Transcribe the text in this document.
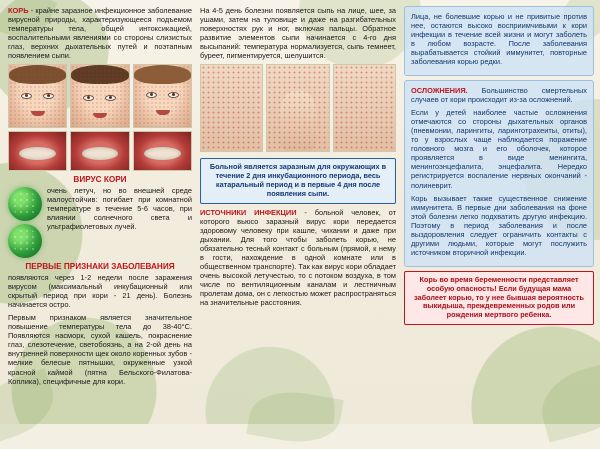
КОРЬ - крайне заразное инфекционное заболевание вирусной природы, характеризующееся подъемом температуры тела, общей интоксикацией, воспалительными явлениями со стороны слизистых глаз, верхних дыхательных путей и поэтапным появлением сыпи.

ВИРУС КОРИ

очень летуч, но во внешней среде малоустойчив: погибает при комнатной температуре в течение 5-6 часов, при влиянии солнечного света и ультрафиолетовых лучей.

ПЕРВЫЕ ПРИЗНАКИ ЗАБОЛЕВАНИЯ

появляются через 1-2 недели после заражения вирусом (максимальный инкубационный или скрытый период при кори - 21 день). Болезнь начинается остро.

Первым признаком является значительное повышение температуры тела до 38-40°С. Появляются насморк, сухой кашель, покраснение глаз, слезотечение, светобоязнь, а на 2-ой день на внутренней поверхности щек около коренных зубов - мелкие белесые пятнышки, окруженные узкой красной каймой (пятна Бельского-Филатова-Коплика), специфичные для кори.

На 4-5 день болезни появляется сыпь на лице, шее, за ушами, затем на туловище и даже на разгибательных поверхностях рук и ног, включая пальцы. Обратное развитие элементов сыпи начинается с 4-го дня высыпаний: температура нормализуется, сыпь темнеет, буреет, пигментируется, шелушится.

Больной является заразным для окружающих в течение 2 дня инкубационного периода, весь катаральный период и в первые 4 дня после появления сыпи.

ИСТОЧНИКИ ИНФЕКЦИИ - больной человек, от которого вьюсо заразный вирус кори передается здоровому человеку при кашле, чихании и даже при дыхании. Для того чтобы заболеть корью, не обязательно тесный контакт с больным (прямой, к нему в гости, нахождение в одной комнате или в общественном транспорте). Так как вирус кори обладает очень высокой летучестью, то с потоком воздуха, в том числе по вентиляционным каналам и лестничным пролетам дома, он с легкостью может распространяться на значительные расстояния.

Лица, не болевшие корью и не привитые против нее, остаются высоко восприимчивыми к кори инфекции в течение всей жизни и могут заболеть в любом возрасте. После заболевания вырабатывается стойкий иммунитет, повторные заболевания корью редки.

ОСЛОЖНЕНИЯ. Большинство смертельных случаев от кори происходит из-за осложнений.

Если у детей наиболее частые осложнения отмечаются со стороны дыхательных органов (пневмонии, ларингиты, ларинготрахеиты, отиты), то у взрослых чаще наблюдается поражение головного мозга и его оболочек, которое проявляется в виде менингита, менингоэнцефалита, энцефалита. Нередко регистрируется воспаление нервных окончаний - полиневрит.

Корь вызывает также существенное снижение иммунитета. В первые дни заболевания на фоне этой болезни легко подхватить другую инфекцию. Поэтому в период заболевания и после выздоровления следует ограничить контакты с другими людьми, которые могут послужить источником вторичной инфекции.

Корь во время беременности представляет особую опасность! Если будущая мама заболеет корью, то у нее бывшая вероятность выкидыша, преждевременных родов или рождения мертвого ребенка.
